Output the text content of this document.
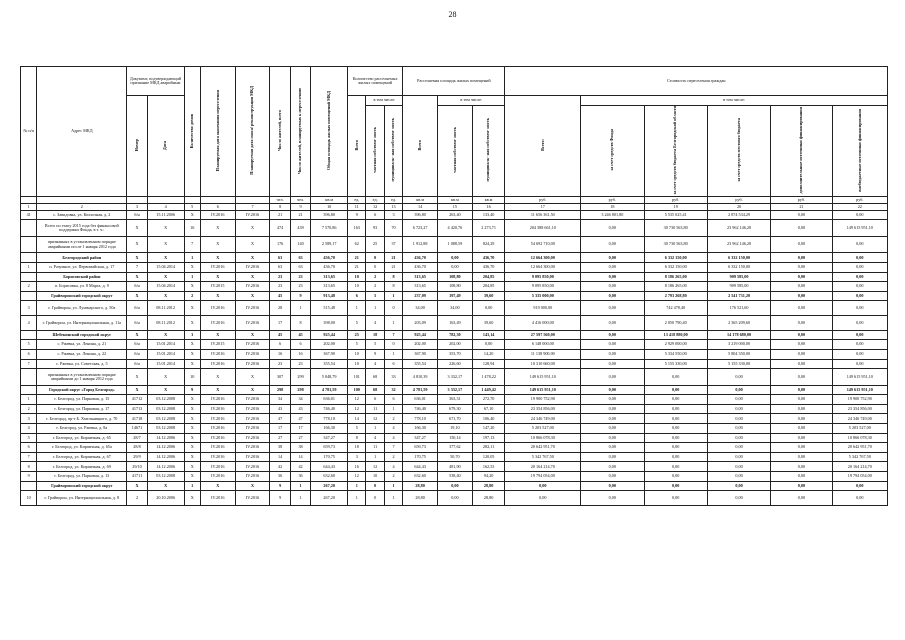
28
№ п/п	Адрес МКД	Документ, подтверждающий признание МКД аварийным		Количество домов	Планируемая дата окончания переселения	Планируемая дата сноса/ реконструкции МКД	Число жителей, всего	Число жителей, планируемых к переселению	Общая площадь жилых помещений МКД	Количество расселяемых жилых помещений			Расселяемая площадь жилых помещений			Стоимость переселения граждан					
		Номер	Дата							Всего	в том числе:		Всего	в том числе:		Всего:	в том числе:				
											частная собствен- ность	муниципаль- ная собствен- ность		частная собствен- ность	муниципаль- ная собствен- ность		за счет средств Фонда	за счет средств бюджета Белгородской области	за счет средств местного бюджета	дополнительные источники финансирования	внебюджетные источники финансирования
							чел.	чел.	кв.м	ед.	ед.	ед.	кв.м	кв.м	кв.м	руб.	руб.	руб.	руб.	руб.	руб.
1	2	3	4	5	6	7	8	9	10	11	12	13	14	15	16	17	18	19	20	21	22
41	с. Завидовка, ул. Колхозная, д. 2	б/н	15.11.2006	X	IV.2016	IV.2016	21	21	396,80	9	6	3	396,80	263,40	133,40	11 656 361,50	3 246 801,80	5 535 025,41	2 874 534,29	0,00	0,00
	Всего по этапу 2015 года без финансовой поддержки Фонда, в т. ч.:	X	X	16	X	X	474	439	7 570,86	163	93	70	6 723,27	4 420,76	2 273,71	204 388 661,10	0,00	30 730 563,80	23 962 146,20	0,00	149 615 951,10
	признанных в установленном порядке аварийными после 1 января 2012 года	X	X	7	X	X	176	140	2 589,17	62	25	37	1 912,88	1 088,59	824,29	54 692 710,00	0,00	30 730 563,80	23 962 146,20	0,00	0,00
	Белгородский район	X	X	1	X	X	63	63	436,70	21	0	21	436,70	0,00	436,70	12 664 300,00	0,00	6 332 150,00	6 332 150,00	0,00	0,00
1	п. Разумное, ул. Первомайская, д. 17	7	15.04.2014	X	IV.2016	IV.2016	63	63	436,70	21	0	21	436,70	0,00	436,70	12 664 300,00	0,00	6 332 150,00	6 332 150,00	0,00	0,00
	Борисовский район	X	X	1	X	X	23	23	313,65	10	2	8	313,65	108,80	204,85	9 095 850,00	0,00	8 186 265,00	909 585,00	0,00	0,00
2	п. Борисовка, ул. 8 Марта, д. 9	б/н	15.04.2014	X	IV.2015	IV.2016	23	23	313,65	10	2	8	313,65	108,80	204,85	9 095 850,00	0,00	8 186 265,00	909 585,00	0,00	0,00
	Грайворонский городской округ	X	X	2	X	X	45	9	913,48	6	5	1	237,09	197,49	39,60	5 335 000,00	0,00	2 793 268,80	2 541 731,20	0,00	0,00
3	г. Грайворон, ул. Луначарского, д. 50а	б/н	08.11.2012	X	IV.2016	IV.2016	28	1	515,48	1	1	0	34,00	34,00	0,00	919 000,00	0,00	742 478,40	176 521,60	0,00	0,00
4	г. Грайворон, ул. Интернациональная, д. 11а	б/н	08.11.2012	X	IV.2016	IV.2016	17	8	398,00	5	4	1	203,09	163,49	39,60	4 416 000,00	0,00	2 050 790,40	2 365 209,60	0,00	0,00
	Шебекинский городской округ	X	X	3	X	X	45	45	925,44	25	18	7	925,44	782,30	143,14	27 597 560,00	0,00	13 418 880,00	14 178 680,00	0,00	0,00
5	с. Ржевка, ул. Ленина, д. 21	б/н	15.01.2014	X	IV.2015	IV.2016	6	6	202,00	5	5	0	202,00	202,00	0,00	6 148 000,00	0,00	2 929 000,00	3 219 000,00	0,00	0,00
6	с. Ржевка, ул. Ленина, д. 22	б/н	15.01.2014	X	IV.2016	IV.2016	16	16	367,90	10	9	1	367,90	353,70	14,20	11 138 900,00	0,00	5 334 550,00	5 804 350,00	0,00	0,00
7	с. Ржевка, ул. Советская, д. 5	б/н	15.01.2014	X	IV.2016	IV.2016	23	23	355,54	10	4	6	355,54	226,60	128,94	10 310 660,00	0,00	5 155 330,00	5 155 330,00	0,00	0,00
	признанных в установленном порядке аварийными до 1 января 2012 года	X	X	10	X	X	307	299	5 048,79	101	68	33	4 810,39	3 332,17	1 478,22	149 615 951,10	0,00	0,00	0,00	0,00	149 615 951,10
	Городской округ «Город Белгород»	X	X	9	X	X	298	298	4 781,59	100	68	32	4 781,59	3 332,17	1 449,42	149 615 951,10	0,00	0,00	0,00	0,00	149 615 951,10
1	г. Белгород, ул. Парковая, д. 15	41712	03.12.2008	X	IV.2016	IV.2016	34	34	636,01	12	6	6	636,01	363,31	272,70	19 900 752,90	0,00	0,00	0,00	0,00	19 900 752,90
2	г. Белгород, ул. Парковая, д. 17	41713	03.12.2008	X	IV.2016	IV.2016	43	43	746,40	12	11	1	746,40	679,30	67,10	23 354 856,00	0,00	0,00	0,00	0,00	23 354 856,00
3	г. Белгород, пр-т Б. Хмельницкого, д. 70	41718	03.12.2008	X	IV.2016	IV.2016	47	47	778,10	14	12	2	778,10	671,70	106,40	24 346 749,00	0,00	0,00	0,00	0,00	24 346 749,00
4	г. Белгород, ул. Ржевка, д. 8а	14671	03.12.2008	X	IV.2016	IV.2016	17	17	166,30	5	1	4	166,30	19,10	147,20	5 203 527,00	0,00	0,00	0,00	0,00	5 203 527,00
5	г. Белгород, ул. Кирпичная, д. 65	28/7	14.12.2006	X	IV.2016	IV.2016	27	27	347,27	8	4	4	347,27	150,14	197,13	10 866 078,30	0,00	0,00	0,00	0,00	10 866 078,30
6	г. Белгород, ул. Кирпичная, д. 65а	28/8	14.12.2006	X	IV.2016	IV.2016	38	38	659,73	18	11	7	659,73	377,62	282,11	20 642 951,70	0,00	0,00	0,00	0,00	20 642 951,70
7	г. Белгород, ул. Кирпичная, д. 67	29/9	14.12.2006	X	IV.2016	IV.2016	14	14	170,75	3	1	2	170,75	50,70	120,05	5 342 767,50	0,00	0,00	0,00	0,00	5 342 767,50
8	г. Белгород, ул. Кирпичная, д. 69	29/10	14.12.2006	X	IV.2016	IV.2016	42	42	644,43	16	12	4	644,43	481,90	162,53	20 164 214,70	0,00	0,00	0,00	0,00	20 164 214,70
9	г. Белгород, ул. Парковая, д. 13	41711	03.12.2008	X	IV.2016	IV.2016	36	36	632,60	12	10	2	632,60	538,40	94,20	19 794 054,00	0,00	0,00	0,00	0,00	19 794 054,00
	Грайворонский городской округ	X	X	1	X	X	9	1	267,20	1	0	1	28,80	0,00	28,80	0,00	0,00	0,00	0,00	0,00	0,00
10	г. Грайворон, ул. Интернациональная, д. 8	2	20.10.2006	X	IV.2016	IV.2016	9	1	267,20	1	0	1	28,80	0,00	28,80	0,00	0,00	0,00	0,00	0,00	0,00
